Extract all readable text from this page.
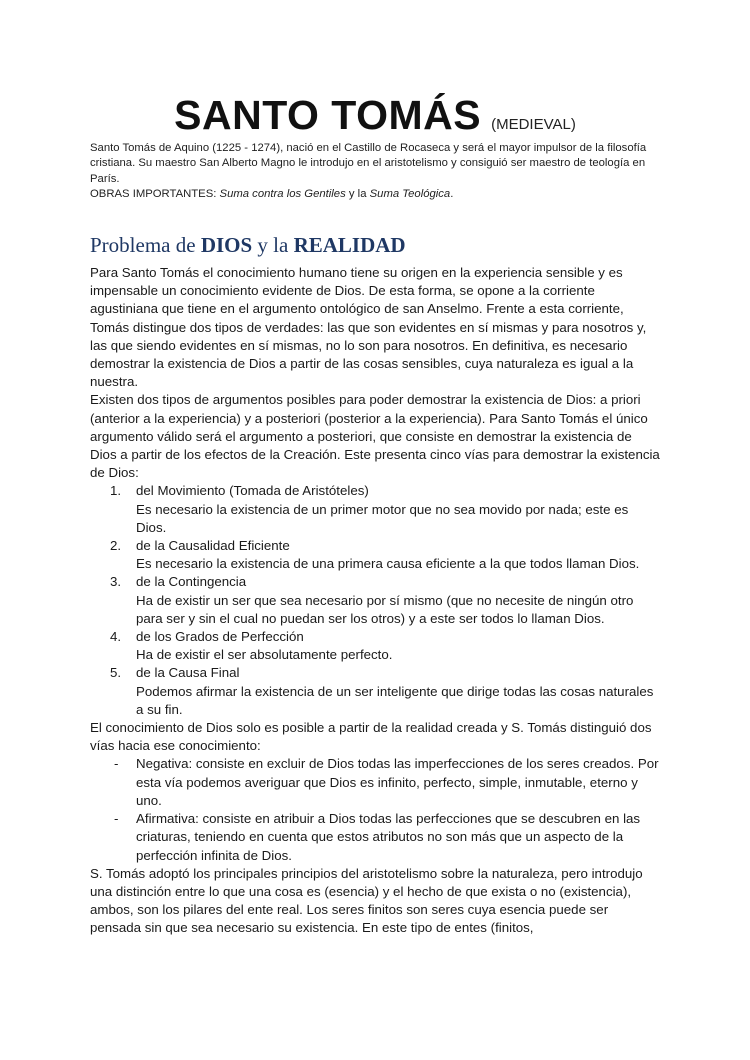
SANTO TOMÁS (MEDIEVAL)

Santo Tomás de Aquino (1225 - 1274), nació en el Castillo de Rocaseca y será el mayor impulsor de la filosofía cristiana. Su maestro San Alberto Magno le introdujo en el aristotelismo y consiguió ser maestro de teología en París.

OBRAS IMPORTANTES: Suma contra los Gentiles y la Suma Teológica.

Problema de DIOS y la REALIDAD

Para Santo Tomás el conocimiento humano tiene su origen en la experiencia sensible y es impensable un conocimiento evidente de Dios. De esta forma, se opone a la corriente agustiniana que tiene en el argumento ontológico de san Anselmo. Frente a esta corriente, Tomás distingue dos tipos de verdades: las que son evidentes en sí mismas y para nosotros y, las que siendo evidentes en sí mismas, no lo son para nosotros. En definitiva, es necesario demostrar la existencia de Dios a partir de las cosas sensibles, cuya naturaleza es igual a la nuestra.

Existen dos tipos de argumentos posibles para poder demostrar la existencia de Dios: a priori (anterior a la experiencia) y a posteriori (posterior a la experiencia). Para Santo Tomás el único argumento válido será el argumento a posteriori, que consiste en demostrar la existencia de Dios a partir de los efectos de la Creación. Este presenta cinco vías para demostrar la existencia de Dios:

1. del Movimiento (Tomada de Aristóteles)
Es necesario la existencia de un primer motor que no sea movido por nada; este es Dios.
2. de la Causalidad Eficiente
Es necesario la existencia de una primera causa eficiente a la que todos llaman Dios.
3. de la Contingencia
Ha de existir un ser que sea necesario por sí mismo (que no necesite de ningún otro para ser y sin el cual no puedan ser los otros) y a este ser todos lo llaman Dios.
4. de los Grados de Perfección
Ha de existir el ser absolutamente perfecto.
5. de la Causa Final
Podemos afirmar la existencia de un ser inteligente que dirige todas las cosas naturales a su fin.

El conocimiento de Dios solo es posible a partir de la realidad creada y S. Tomás distinguió dos vías hacia ese conocimiento:

- Negativa: consiste en excluir de Dios todas las imperfecciones de los seres creados. Por esta vía podemos averiguar que Dios es infinito, perfecto, simple, inmutable, eterno y uno.
- Afirmativa: consiste en atribuir a Dios todas las perfecciones que se descubren en las criaturas, teniendo en cuenta que estos atributos no son más que un aspecto de la perfección infinita de Dios.

S. Tomás adoptó los principales principios del aristotelismo sobre la naturaleza, pero introdujo una distinción entre lo que una cosa es (esencia) y el hecho de que exista o no (existencia), ambos, son los pilares del ente real. Los seres finitos son seres cuya esencia puede ser pensada sin que sea necesario su existencia. En este tipo de entes (finitos,
